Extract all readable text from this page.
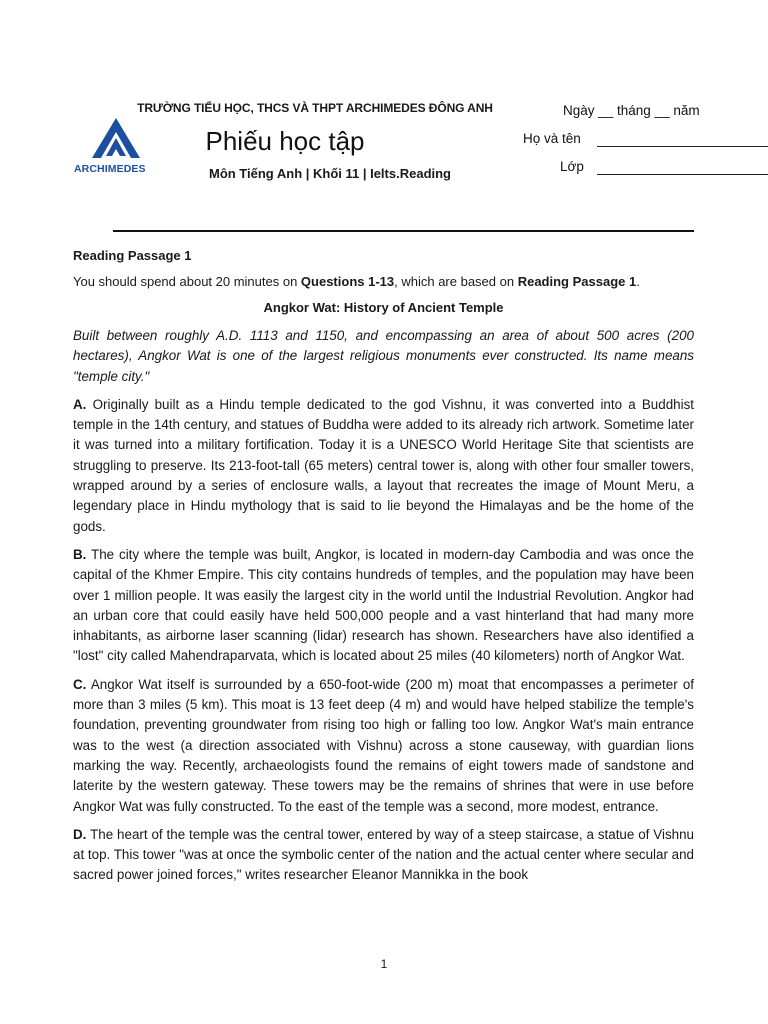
ARCHIMEDES
TRƯỜNG TIỂU HỌC, THCS VÀ THPT ARCHIMEDES ĐÔNG ANH
Phiếu học tập
Môn Tiếng Anh | Khối 11 | Ielts.Reading
Ngày __ tháng __ năm
Họ và tên
Lớp
Reading Passage 1
You should spend about 20 minutes on Questions 1-13, which are based on Reading Passage 1.
Angkor Wat: History of Ancient Temple
Built between roughly A.D. 1113 and 1150, and encompassing an area of about 500 acres (200 hectares), Angkor Wat is one of the largest religious monuments ever constructed. Its name means "temple city."
A. Originally built as a Hindu temple dedicated to the god Vishnu, it was converted into a Buddhist temple in the 14th century, and statues of Buddha were added to its already rich artwork. Sometime later it was turned into a military fortification. Today it is a UNESCO World Heritage Site that scientists are struggling to preserve. Its 213-foot-tall (65 meters) central tower is, along with other four smaller towers, wrapped around by a series of enclosure walls, a layout that recreates the image of Mount Meru, a legendary place in Hindu mythology that is said to lie beyond the Himalayas and be the home of the gods.
B. The city where the temple was built, Angkor, is located in modern-day Cambodia and was once the capital of the Khmer Empire. This city contains hundreds of temples, and the population may have been over 1 million people. It was easily the largest city in the world until the Industrial Revolution. Angkor had an urban core that could easily have held 500,000 people and a vast hinterland that had many more inhabitants, as airborne laser scanning (lidar) research has shown. Researchers have also identified a "lost" city called Mahendraparvata, which is located about 25 miles (40 kilometers) north of Angkor Wat.
C. Angkor Wat itself is surrounded by a 650-foot-wide (200 m) moat that encompasses a perimeter of more than 3 miles (5 km). This moat is 13 feet deep (4 m) and would have helped stabilize the temple's foundation, preventing groundwater from rising too high or falling too low. Angkor Wat's main entrance was to the west (a direction associated with Vishnu) across a stone causeway, with guardian lions marking the way. Recently, archaeologists found the remains of eight towers made of sandstone and laterite by the western gateway. These towers may be the remains of shrines that were in use before Angkor Wat was fully constructed. To the east of the temple was a second, more modest, entrance.
D. The heart of the temple was the central tower, entered by way of a steep staircase, a statue of Vishnu at top. This tower "was at once the symbolic center of the nation and the actual center where secular and sacred power joined forces," writes researcher Eleanor Mannikka in the book
1
